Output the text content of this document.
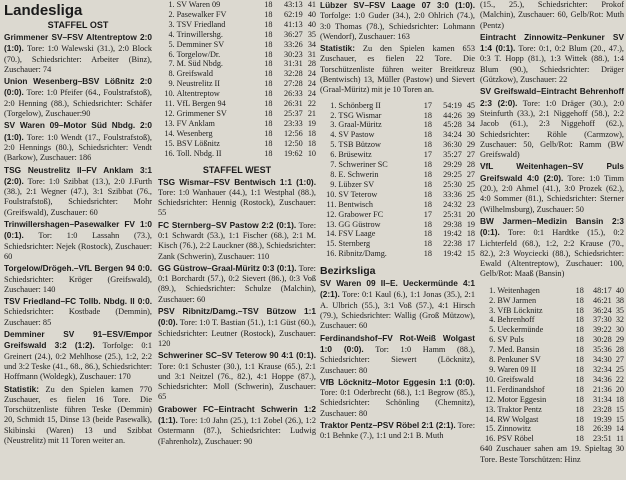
Landesliga
STAFFEL OST
Grimmener SV–FSV Altentreptow 2:0 (1:0). Tore: 1:0 Walewski (31.), 2:0 Block (70.), Schiedsrichter: Arbeiter (Binz), Zuschauer: 74
Union Wesenberg–BSV Lößnitz 2:0 (0:0). Tore: 1:0 Pfeifer (64., Foulstrafstoß), 2:0 Henning (88.), Schiedsrichter: Schäfer (Torgelow), Zuschauer:90
SV Waren 09–Motor Süd Nbdg. 2:0 (1:0). Tore: 1:0 Wendt (17., Foulstrafstoß), 2:0 Hennings (80.), Schiedsrichter: Vendt (Barkow), Zuschauer: 186
TSG Neustrelitz II–FV Anklam 3:1 (2:0). Tore: 1:0 Szibbat (13.), 2:0 J.Furth (38.), 2:1 Wegner (47.), 3:1 Szibbat (76., Foulstrafstoß), Schiedsrichter: Mohr (Greifswald), Zuschauer: 60
Trinwillershagen–Pasewalker FV 1:0 (0:1). Tor: 1:0 Lassahn (73.), Schiedsrichter: Nejek (Rostock), Zuschauer: 60
Torgelow/Drögeh.–VfL Bergen 94 0:0. Schiedsrichter: Kröger (Greifswald), Zuschauer: 140
TSV Friedland–FC Tollb. Nbdg. II 0:0. Schiedsrichter: Kostbade (Demmin), Zuschauer: 85
Demminer SV 91–ESV/Empor Greifswald 3:2 (1:2). Torfolge: 0:1 Greinert (24.), 0:2 Mehlhose (25.), 1:2, 2:2 und 3:2 Teske (41., 68., 86.), Schiedsrichter: Hoffmann (Woldegk), Zuschauer: 170
Statistik: Zu den Spielen kamen 770 Zuschauer, es fielen 16 Tore. Die Torschützenliste führen Teske (Demmin) 20, Schmidt 15, Dinse 13 (beide Pasewalk), Skibinski (Waren) 13 und Szibbat (Neustrelitz) mit 11 Toren weiter an.
1.	SV Waren 09	18	43:13	41
2.	Pasewalker FV	18	62:19	40
3.	TSV Friedland	18	41:13	40
4.	Trinwillershg.	18	36:27	35
5.	Demminer SV	18	33:26	34
6.	Torgelow/Dr.	18	30:23	31
7.	M. Süd Nbdg.	18	31:31	28
8.	Greifswald	18	32:28	24
9.	Neustrelitz II	18	27:28	24
10.	Altentreptow	18	26:33	24
11.	VfL Bergen 94	18	26:31	22
12.	Grimmener SV	18	25:37	21
13.	FV Anklam	18	23:33	19
14.	Wesenberg	18	12:56	18
15.	BSV Lößnitz	18	12:50	18
16.	Toll. Nbdg. II	18	19:62	10
STAFFEL WEST
TSG Wismar–FSV Bentwisch 1:1 (1:0). Tore: 1:0 Wanhauer (44.), 1:1 Westphal (88.), Schiedsrichter: Hennig (Rostock), Zuschauer: 55
FC Sternberg–SV Pastow 2:2 (0:1). Tore: 0:1 Schwardt (53.), 1:1 Fischer (68.), 2:1 M. Kisch (76.), 2:2 Lauckner (88.), Schiedsrichter: Zank (Schwerin), Zuschauer: 110
GG Güstrow–Graal-Müritz 0:3 (0:1). Tore: 0:1 Borchardt (57.), 0:2 Sievert (86.), 0:3 Voß (89.), Schiedsrichter: Schulze (Malchin), Zuschauer: 60
PSV Ribnitz/Damg.–TSV Bützow 1:1 (0:0). Tore: 1:0 T. Bastian (51.), 1:1 Güst (60.), Schiedsrichter: Leutner (Rostock), Zuschauer: 120
Schweriner SC–SV Teterow 90 4:1 (0:1). Tore: 0:1 Schuster (30.), 1:1 Krause (65.), 2:1 und 3:1 Neitzel (76., 82.), 4:1 Hoppe (87.), Schiedsrichter: Moll (Schwerin), Zuschauer: 65
Grabower FC–Eintracht Schwerin 1:2 (1:1). Tore: 1:0 Jahn (25.), 1:1 Zobel (26.), 1:2 Ostermann (87.), Schiedsrichter: Ludwig (Fahrenholz), Zuschauer: 90
Lübzer SV–FSV Laage 07 3:0 (1:0). Torfolge: 1:0 Guder (34.), 2:0 Ohlrich (74.), 3:0 Thomas (78.), Schiedsrichter: Lohmann (Wendorf), Zuschauer: 163
Statistik: Zu den Spielen kamen 653 Zuschauer, es fielen 22 Tore. Die Torschützenliste führen weiter Breitkreuz (Bentwisch) 13, Müller (Pastow) und Sievert (Graal-Müritz) mit je 10 Toren an.
1.	Schönberg II	17	54:19	45
2.	TSG Wismar	18	44:26	39
3.	Graal-Müritz	18	45:28	34
4.	SV Pastow	18	34:24	30
5.	TSB Bützow	18	36:30	29
6.	Brüsewitz	17	35:27	27
7.	Schweriner SC	18	29:29	28
8.	E. Schwerin	18	29:25	27
9.	Lübzer SV	18	25:30	25
10.	SV Teterow	18	33:36	25
11.	Bentwisch	18	24:32	23
12.	Grabower FC	17	25:31	20
13.	GG Güstrow	18	29:38	19
14.	FSV Laage	18	19:42	18
15.	Sternberg	18	22:38	17
16.	Ribnitz/Damg.	18	19:42	15
Bezirksliga
SV Waren 09 II–E. Ueckermünde 4:1 (2:1). Tore: 0:1 Kaul (6.), 1:1 Jonas (35.), 2:1 A. Ulbrich (55.), 3:1 Voß (57.), 4:1 Hirsch (79.), Schiedsrichter: Wallig (Groß Mützow), Zuschauer: 60
Ferdinandshof–FV Rot-Weiß Wolgast 1:0 (0:0). Tor: 1:0 Hamm (88.), Schiedsrichter: Siewert (Löcknitz), Zuschauer: 80
VfB Löcknitz–Motor Eggesin 1:1 (0:0). Tore: 0:1 Oderbrecht (68.), 1:1 Begrow (85.), Schiedsrichter: Schönling (Chemnitz), Zuschauer: 80
Traktor Pentz–PSV Röbel 2:1 (2:1). Tore: 0:1 Behnke (7.), 1:1 und 2:1 B. Muth
(15., 25.), Schiedsrichter: Prokof (Malchin), Zuschauer: 60, Gelb/Rot: Muth (Pentz)
Eintracht Zinnowitz–Penkuner SV 1:4 (0:1). Tore: 0:1, 0:2 Blum (20., 47.), 0:3 T. Hopp (81.), 1:3 Wittek (88.), 1:4 Blum (90.), Schiedsrichter: Dräger (Gützkow), Zuschauer: 22
SV Greifswald–Eintracht Behrenhoff 2:3 (2:0). Tore: 1:0 Dräger (30.), 2:0 Steinfurth (33.), 2:1 Niggehoff (58.), 2:2 Jacob (61.), 2:3 Niggehoff (62.), Schiedsrichter: Röhle (Carmzow), Zuschauer: 50, Gelb/Rot: Ramm (BW Greifswald)
VfL Weitenhagen–SV Puls Greifswald 4:0 (2:0). Tore: 1:0 Timm (20.), 2:0 Ahmel (41.), 3:0 Prozek (62.), 4:0 Sommer (81.), Schiedsrichter: Sterner (Wilhelmsburg), Zuschauer: 50
BW Jarmen–Medizin Bansin 2:3 (0:1). Tore: 0:1 Hardtke (15.), 0:2 Lichterfeld (68.), 1:2, 2:2 Krause (70., 82.), 2:3 Woyciecki (88.), Schiedsrichter: Ewald (Altentreptow), Zuschauer: 100, Gelb/Rot: Maaß (Bansin)
1.	Weitenhagen	18	48:17	40
2.	BW Jarmen	18	46:21	38
3.	VfB Löcknitz	18	36:24	35
4.	Behrenhoff	18	37:30	32
5.	Ueckermünde	18	39:22	30
6.	SV Puls	18	30:28	29
7.	Med. Bansin	18	35:36	28
8.	Penkuner SV	18	34:30	27
9.	Waren 09 II	18	32:34	25
10.	Greifswald	18	34:36	22
11.	Ferdinandshof	18	21:36	20
12.	Motor Eggesin	18	31:34	18
13.	Traktor Pentz	18	23:28	15
14.	RW Wolgast	18	19:39	15
15.	Zinnowitz	18	26:39	14
16.	PSV Röbel	18	23:51	11
640 Zuschauer sahen am 19. Spieltag 30 Tore. Beste Torschützen: Hinz
